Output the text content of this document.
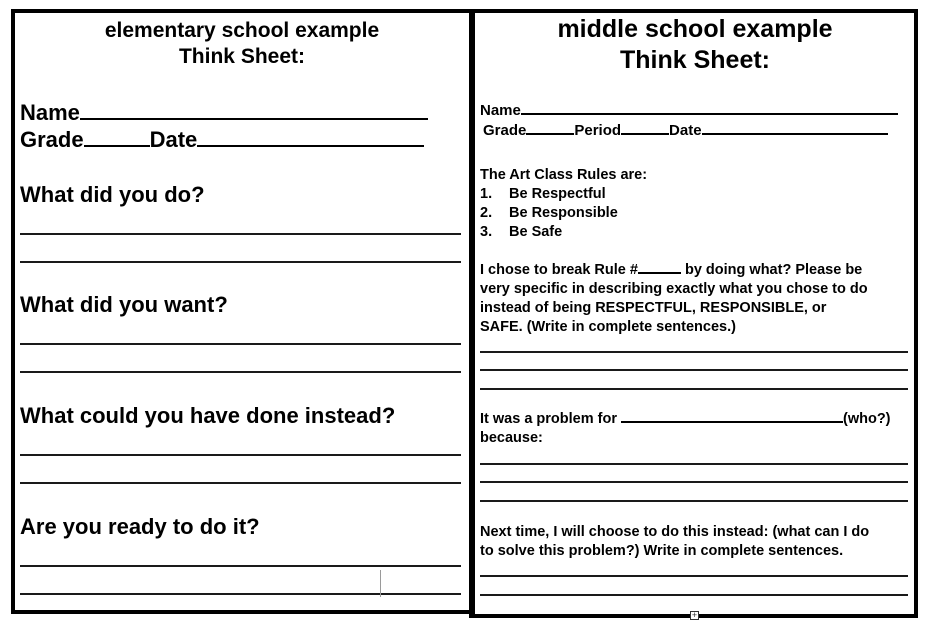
elementary school example
Think Sheet:
Name
Grade	Date
What did you do?
What did you want?
What could you have done instead?
Are you ready to do it?
middle school example
Think Sheet:
Name
Grade	Period	Date
The Art Class Rules are:
1. Be Respectful
2. Be Responsible
3. Be Safe
I chose to break Rule #	by doing what? Please be
very specific in describing exactly what you chose to do
instead of being RESPECTFUL, RESPONSIBLE, or
SAFE. (Write in complete sentences.)
It was a problem for	(who?)
because:
Next time, I will choose to do this instead: (what can I do
to solve this problem?) Write in complete sentences.
+
